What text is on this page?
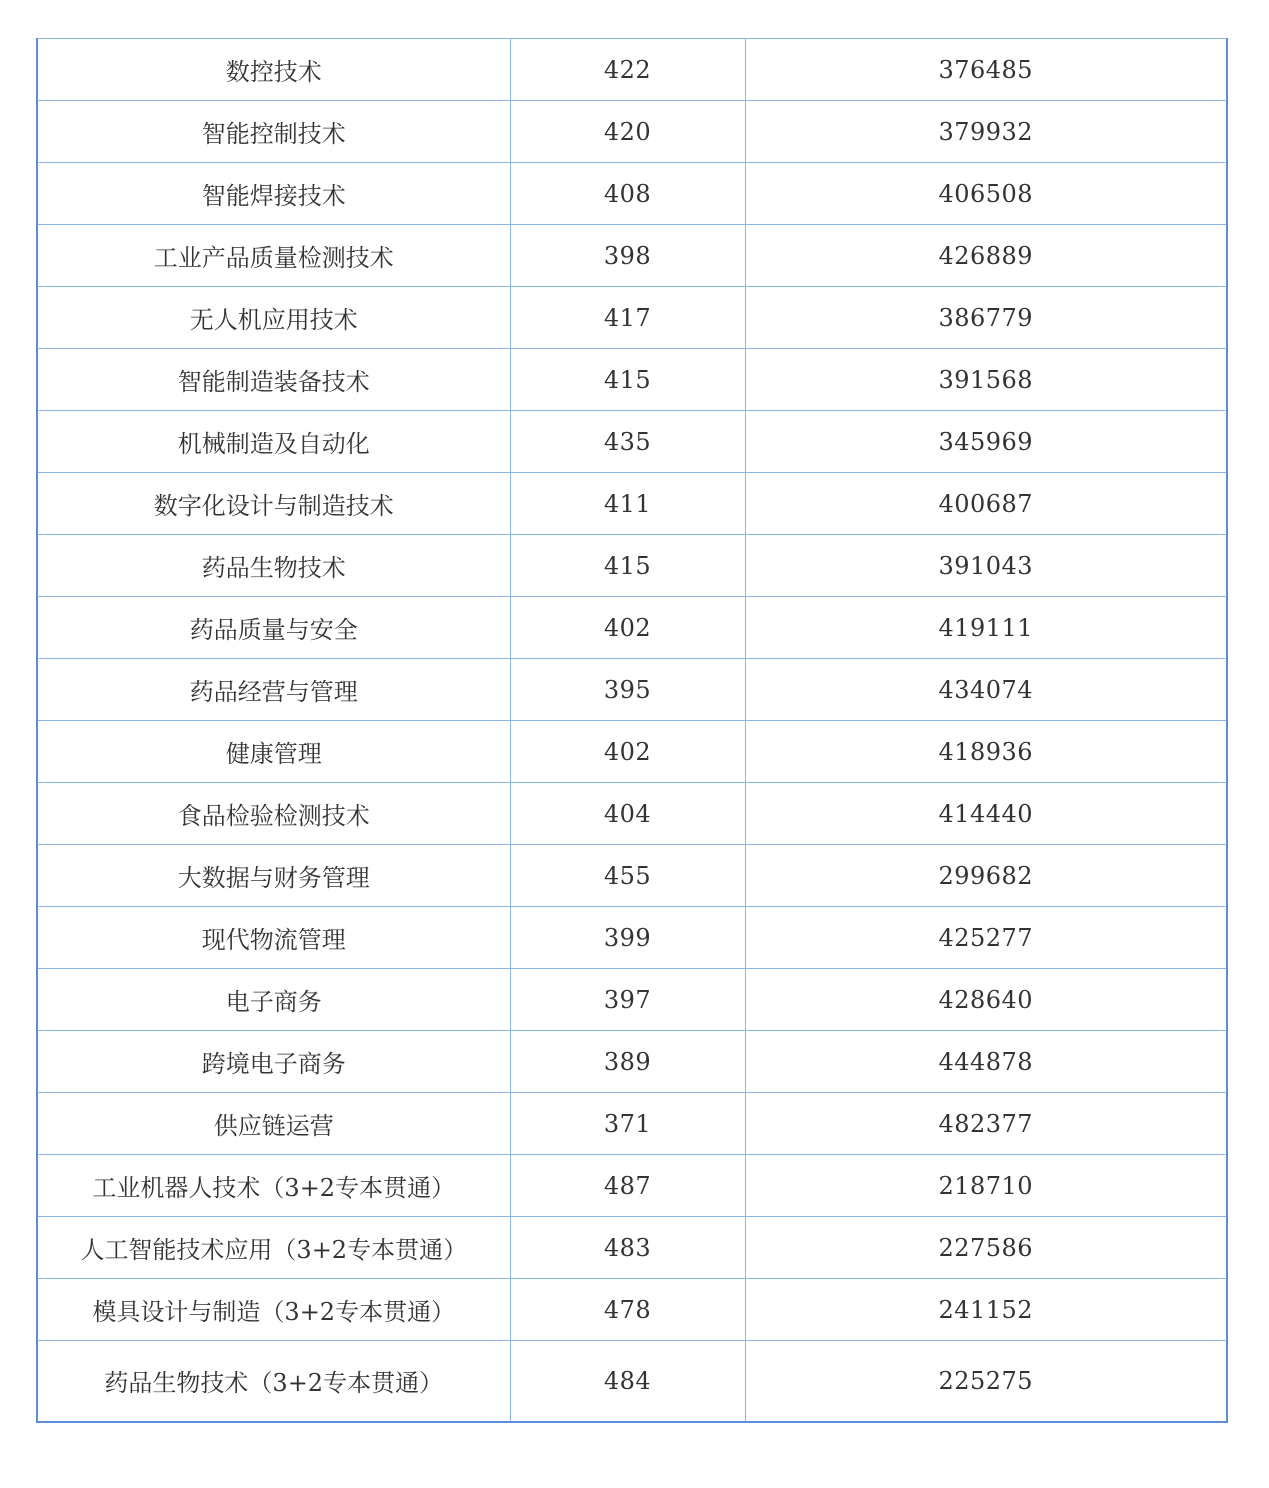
数控技术	422	376485
智能控制技术	420	379932
智能焊接技术	408	406508
工业产品质量检测技术	398	426889
无人机应用技术	417	386779
智能制造装备技术	415	391568
机械制造及自动化	435	345969
数字化设计与制造技术	411	400687
药品生物技术	415	391043
药品质量与安全	402	419111
药品经营与管理	395	434074
健康管理	402	418936
食品检验检测技术	404	414440
大数据与财务管理	455	299682
现代物流管理	399	425277
电子商务	397	428640
跨境电子商务	389	444878
供应链运营	371	482377
工业机器人技术（3+2专本贯通）	487	218710
人工智能技术应用（3+2专本贯通）	483	227586
模具设计与制造（3+2专本贯通）	478	241152
药品生物技术（3+2专本贯通）	484	225275
